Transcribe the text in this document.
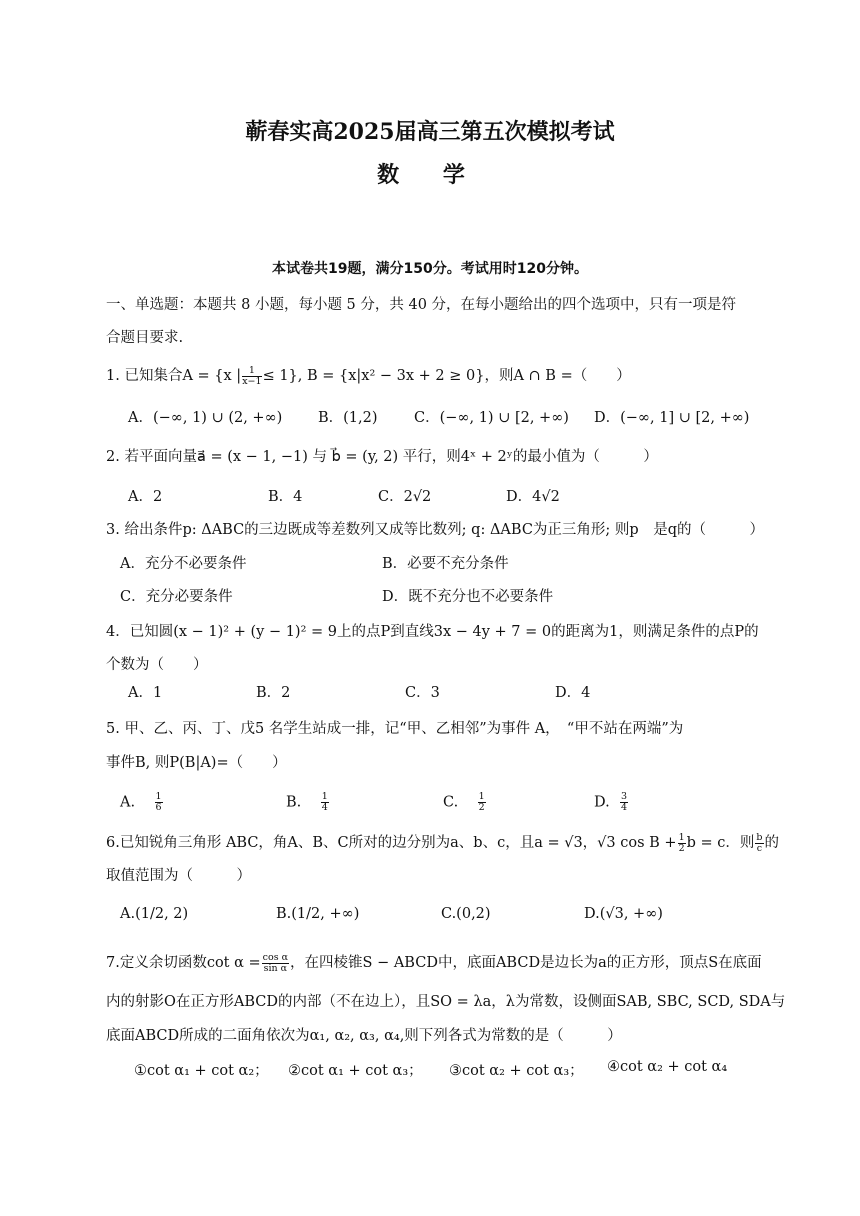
蕲春实高2025届高三第五次模拟考试
数 学
本试卷共19题，满分150分。考试用时120分钟。
一、单选题：本题共 8 小题，每小题 5 分，共 40 分，在每小题给出的四个选项中，只有一项是符
合题目要求.
1. 已知集合A = {x | $\frac{1}{x-1} \le 1$}, B = {x|x² − 3x + 2 ≥ 0}，则A ∩ B =（　　）
A．(−∞, 1) ∪ (2, +∞) B．(1,2)	C．(−∞, 1) ∪ [2, +∞) D．(−∞, 1] ∪ [2, +∞)
2. 若平面向量a⃗ = (x − 1, −1) 与 b⃗ = (y, 2) 平行，则4ˣ + 2ʸ的最小值为（　　　）
A．2	B．4	C．2√2	D．4√2
3. 给出条件p: ΔABC的三边既成等差数列又成等比数列; q: ΔABC为正三角形; 则p　是q的（　　　）
A．充分不必要条件	B．必要不充分条件
C．充分必要条件	D．既不充分也不必要条件
4．已知圆(x − 1)² + (y − 1)² = 9上的点P到直线3x − 4y + 7 = 0的距离为1，则满足条件的点P的
个数为（　　）
A．1	B．2	C．3	D．4
5. 甲、乙、丙、丁、戊5 名学生站成一排，记“甲、乙相邻”为事件 A，　“甲不站在两端”为
事件B, 则P(B|A)=（　　）
A. $\frac{1}{6}$	B. $\frac{1}{4}$	C. $\frac{1}{2}$	D. $\frac{3}{4}$
6.已知锐角三角形 ABC，角A、B、C所对的边分别为a、b、c，且a = √3，√3 $\cos B + \frac{1}{2}$ b = c．则 $\frac{b}{c}$ 的
取值范围为（　　　）
A.(1/2, 2)	B.(1/2, +∞)	C.(0,2)	D.(√3, +∞)
7.定义余切函数$\cot \alpha = \frac{\text{cos α}}{\text{sin α}}$ ，在四棱锥S − ABCD中，底面ABCD是边长为a的正方形，顶点S在底面
内的射影O在正方形ABCD的内部（不在边上），且SO = λa，λ为常数，设侧面SAB, SBC, SCD, SDA与
底面ABCD所成的二面角依次为α₁, α₂, α₃, α₄,则下列各式为常数的是（　　　）
①cot α₁ + cot α₂； ②cot α₁ + cot α₃； ③cot α₂ + cot α₃； ④cot α₂ + cot α₄
